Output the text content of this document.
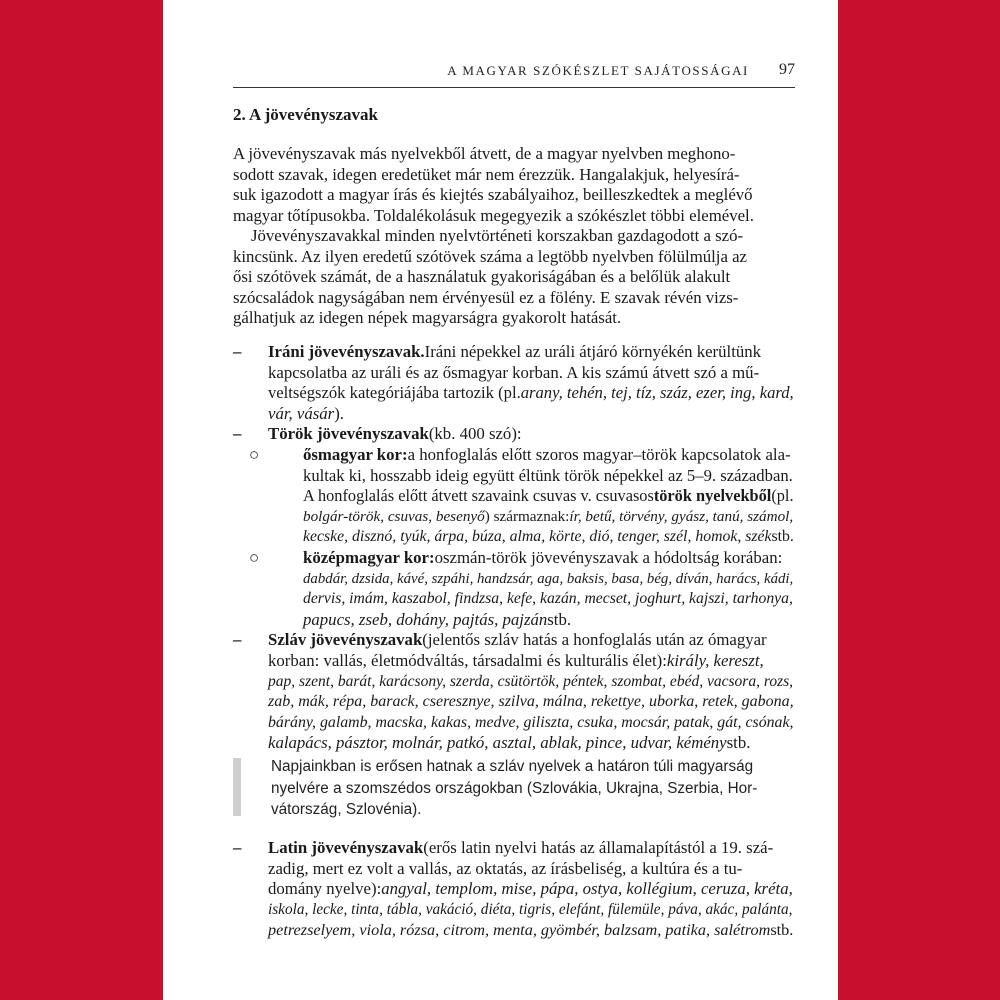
A MAGYAR SZÓKÉSZLET SAJÁTOSSÁGAI 97
2. A jövevényszavak
A jövevényszavak más nyelvekből átvett, de a magyar nyelvben meghono-
sodott szavak, idegen eredetüket már nem érezzük. Hangalakjuk, helyesírá-
suk igazodott a magyar írás és kiejtés szabályaihoz, beilleszkedtek a meglévő
magyar tőtípusokba. Toldalékolásuk megegyezik a szókészlet többi elemével.
Jövevényszavakkal minden nyelvtörténeti korszakban gazdagodott a szó-
kincsünk. Az ilyen eredetű szótövek száma a legtöbb nyelvben fölülmúlja az
ősi szótövek számát, de a használatuk gyakoriságában és a belőlük alakult
szócsaládok nagyságában nem érvényesül ez a fölény. E szavak révén vizs-
gálhatjuk az idegen népek magyarságra gyakorolt hatását.
– Iráni jövevényszavak. Iráni népekkel az uráli átjáró környékén kerültünk
kapcsolatba az uráli és az ősmagyar korban. A kis számú átvett szó a mű-
veltségszók kategóriájába tartozik (pl. arany, tehén, tej, tíz, száz, ezer, ing, kard,
vár, vásár ).
– Török jövevényszavak (kb. 400 szó):
○	ősmagyar kor: a honfoglalás előtt szoros magyar–török kapcsolatok ala-
kultak ki, hosszabb ideig együtt éltünk török népekkel az 5–9. században.
A honfoglalás előtt átvett szavaink csuvas v. csuvasos török nyelvekből (pl.
bolgár-török, csuvas, besenyő ) származnak: ír, betű, törvény, gyász, tanú, számol,
kecske, disznó, tyúk, árpa, búza, alma, körte, dió, tenger, szél, homok, szék stb.
○	középmagyar kor: oszmán-török jövevényszavak a hódoltság korában:
dabdár, dzsida, kávé, szpáhi, handzsár, aga, baksis, basa, bég, díván, harács, kádi,
dervis, imám, kaszabol, findzsa, kefe, kazán, mecset, joghurt, kajszi, tarhonya,
papucs, zseb, dohány, pajtás, pajzán stb.
– Szláv jövevényszavak (jelentős szláv hatás a honfoglalás után az ómagyar
korban: vallás, életmódváltás, társadalmi és kulturális élet): király, kereszt,
pap, szent, barát, karácsony, szerda, csütörtök, péntek, szombat, ebéd, vacsora, rozs,
zab, mák, répa, barack, cseresznye, szilva, málna, rekettye, uborka, retek, gabona,
bárány, galamb, macska, kakas, medve, giliszta, csuka, mocsár, patak, gát, csónak,
kalapács, pásztor, molnár, patkó, asztal, ablak, pince, udvar, kémény stb.
Napjainkban is erősen hatnak a szláv nyelvek a határon túli magyarság
nyelvére a szomszédos országokban (Szlovákia, Ukrajna, Szerbia, Hor-
vátország, Szlovénia).
– Latin jövevényszavak (erős latin nyelvi hatás az államalapítástól a 19. szá-
zadig, mert ez volt a vallás, az oktatás, az írásbeliség, a kultúra és a tu-
domány nyelve): angyal, templom, mise, pápa, ostya, kollégium, ceruza, kréta,
iskola, lecke, tinta, tábla, vakáció, diéta, tigris, elefánt, fülemüle, páva, akác, palánta,
petrezselyem, viola, rózsa, citrom, menta, gyömbér, balzsam, patika, salétrom stb.
